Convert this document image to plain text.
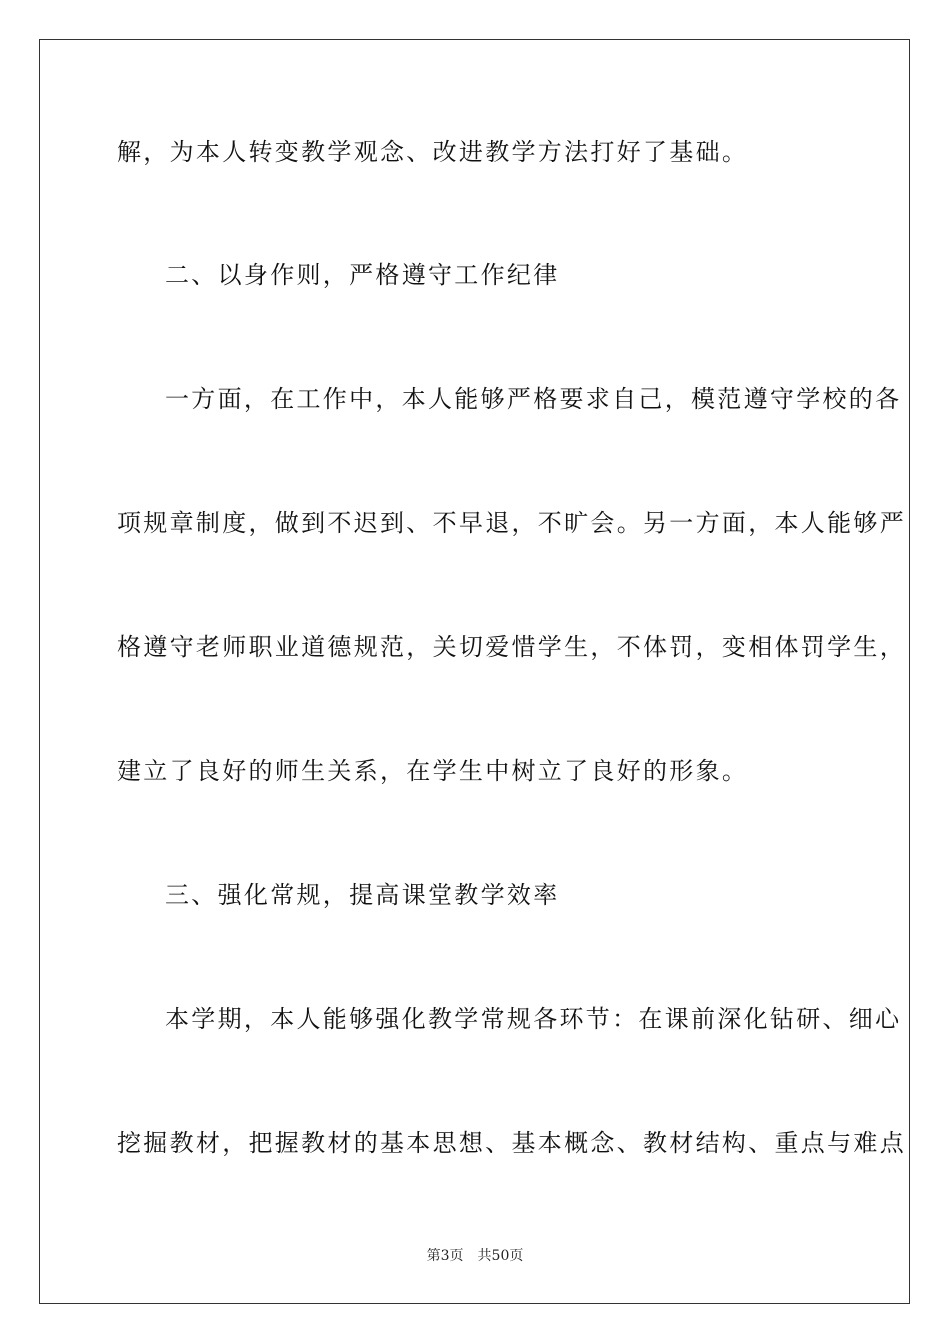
解，为本人转变教学观念、改进教学方法打好了基础。
二、以身作则，严格遵守工作纪律
一方面，在工作中，本人能够严格要求自己，模范遵守学校的各
项规章制度，做到不迟到、不早退，不旷会。另一方面，本人能够严
格遵守老师职业道德规范，关切爱惜学生，不体罚，变相体罚学生，
建立了良好的师生关系，在学生中树立了良好的形象。
三、强化常规，提高课堂教学效率
本学期，本人能够强化教学常规各环节：在课前深化钻研、细心
挖掘教材，把握教材的基本思想、基本概念、教材结构、重点与难点
第3页 共50页
